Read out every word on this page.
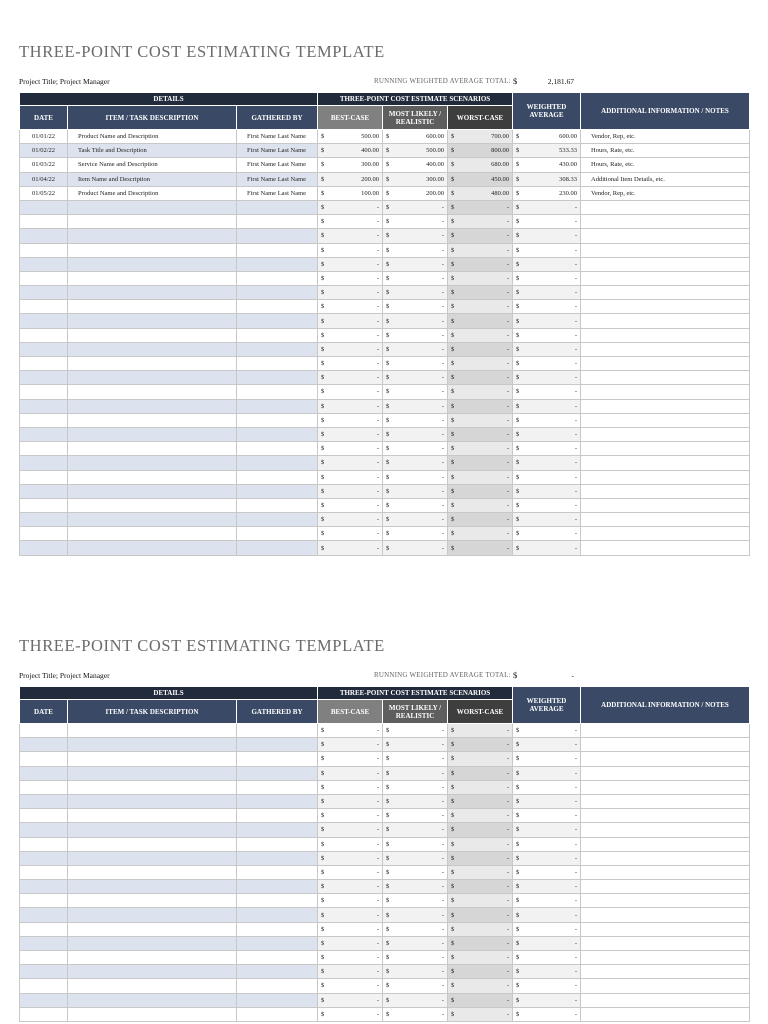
THREE-POINT COST ESTIMATING TEMPLATE
Project Title; Project Manager	RUNNING WEIGHTED AVERAGE TOTAL: $	2,181.67
DETAILS			THREE-POINT COST ESTIMATE SCENARIOS			WEIGHTED AVERAGE	ADDITIONAL INFORMATION / NOTES
DATE	ITEM / TASK DESCRIPTION	GATHERED BY	BEST-CASE	MOST LIKELY / REALISTIC	WORST-CASE		
01/01/22	Product Name and Description	First Name Last Name	$ 500.00	$ 600.00	$ 700.00	$ 600.00	Vendor, Rep, etc.
01/02/22	Task Title and Description	First Name Last Name	$ 400.00	$ 500.00	$ 800.00	$ 533.33	Hours, Rate, etc.
01/03/22	Service Name and Description	First Name Last Name	$ 300.00	$ 400.00	$ 680.00	$ 430.00	Hours, Rate, etc.
01/04/22	Item Name and Description	First Name Last Name	$ 200.00	$ 300.00	$ 450.00	$ 308.33	Additional Item Details, etc.
01/05/22	Product Name and Description	First Name Last Name	$ 100.00	$ 200.00	$ 480.00	$ 230.00	Vendor, Rep, etc.

			$ -	$ -	$ -	$ -	

			$ -	$ -	$ -	$ -	

			$ -	$ -	$ -	$ -	

			$ -	$ -	$ -	$ -	

			$ -	$ -	$ -	$ -	

			$ -	$ -	$ -	$ -	

			$ -	$ -	$ -	$ -	

			$ -	$ -	$ -	$ -	

			$ -	$ -	$ -	$ -	

			$ -	$ -	$ -	$ -	

			$ -	$ -	$ -	$ -	

			$ -	$ -	$ -	$ -	

			$ -	$ -	$ -	$ -	

			$ -	$ -	$ -	$ -	

			$ -	$ -	$ -	$ -	

			$ -	$ -	$ -	$ -	

			$ -	$ -	$ -	$ -	

			$ -	$ -	$ -	$ -	

			$ -	$ -	$ -	$ -	

			$ -	$ -	$ -	$ -	

			$ -	$ -	$ -	$ -	

			$ -	$ -	$ -	$ -	

			$ -	$ -	$ -	$ -	

			$ -	$ -	$ -	$ -	

			$ -	$ -	$ -	$ -	

THREE-POINT COST ESTIMATING TEMPLATE
Project Title; Project Manager	RUNNING WEIGHTED AVERAGE TOTAL: $	-
DETAILS			THREE-POINT COST ESTIMATE SCENARIOS			WEIGHTED AVERAGE	ADDITIONAL INFORMATION / NOTES
DATE	ITEM / TASK DESCRIPTION	GATHERED BY	BEST-CASE	MOST LIKELY / REALISTIC	WORST-CASE		

			$ -	$ -	$ -	$ -	

			$ -	$ -	$ -	$ -	

			$ -	$ -	$ -	$ -	

			$ -	$ -	$ -	$ -	

			$ -	$ -	$ -	$ -	

			$ -	$ -	$ -	$ -	

			$ -	$ -	$ -	$ -	

			$ -	$ -	$ -	$ -	

			$ -	$ -	$ -	$ -	

			$ -	$ -	$ -	$ -	

			$ -	$ -	$ -	$ -	

			$ -	$ -	$ -	$ -	

			$ -	$ -	$ -	$ -	

			$ -	$ -	$ -	$ -	

			$ -	$ -	$ -	$ -	

			$ -	$ -	$ -	$ -	

			$ -	$ -	$ -	$ -	

			$ -	$ -	$ -	$ -	

			$ -	$ -	$ -	$ -	

			$ -	$ -	$ -	$ -	

			$ -	$ -	$ -	$ -	
